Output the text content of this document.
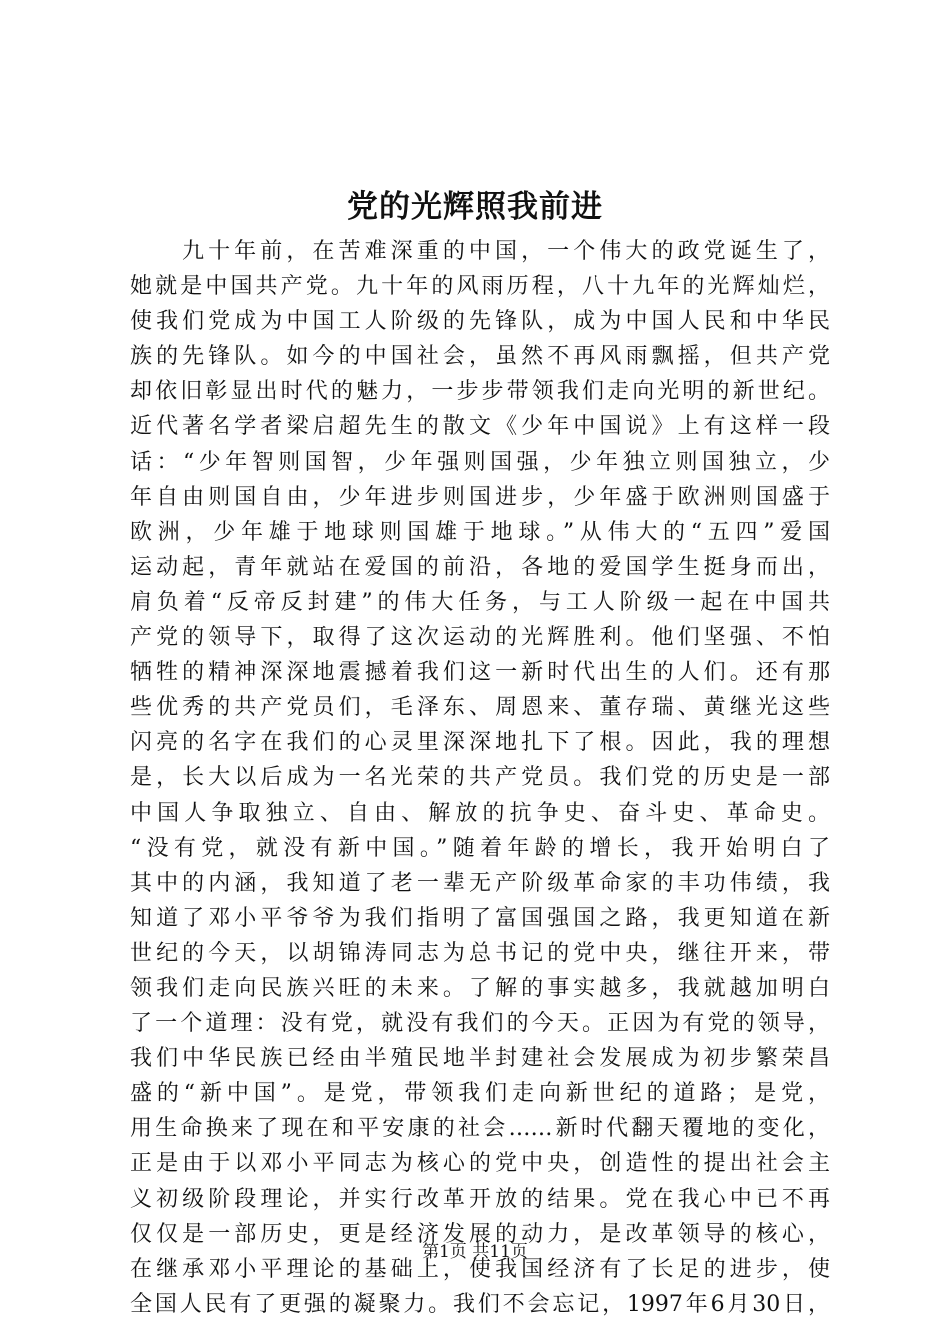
党的光辉照我前进
九十年前，在苦难深重的中国，一个伟大的政党诞生了，
她就是中国共产党。九十年的风雨历程，八十九年的光辉灿烂，
使我们党成为中国工人阶级的先锋队，成为中国人民和中华民
族的先锋队。如今的中国社会，虽然不再风雨飘摇，但共产党
却依旧彰显出时代的魅力，一步步带领我们走向光明的新世纪。
近代著名学者梁启超先生的散文《少年中国说》上有这样一段
话：“少年智则国智，少年强则国强，少年独立则国独立，少
年自由则国自由，少年进步则国进步，少年盛于欧洲则国盛于
欧洲，少年雄于地球则国雄于地球。”从伟大的“五四”爱国
运动起，青年就站在爱国的前沿，各地的爱国学生挺身而出，
肩负着“反帝反封建”的伟大任务，与工人阶级一起在中国共
产党的领导下，取得了这次运动的光辉胜利。他们坚强、不怕
牺牲的精神深深地震撼着我们这一新时代出生的人们。还有那
些优秀的共产党员们，毛泽东、周恩来、董存瑞、黄继光这些
闪亮的名字在我们的心灵里深深地扎下了根。因此，我的理想
是，长大以后成为一名光荣的共产党员。我们党的历史是一部
中国人争取独立、自由、解放的抗争史、奋斗史、革命史。
“没有党，就没有新中国。”随着年龄的增长，我开始明白了
其中的内涵，我知道了老一辈无产阶级革命家的丰功伟绩，我
知道了邓小平爷爷为我们指明了富国强国之路，我更知道在新
世纪的今天，以胡锦涛同志为总书记的党中央，继往开来，带
领我们走向民族兴旺的未来。了解的事实越多，我就越加明白
了一个道理：没有党，就没有我们的今天。正因为有党的领导，
我们中华民族已经由半殖民地半封建社会发展成为初步繁荣昌
盛的“新中国”。是党，带领我们走向新世纪的道路；是党，
用生命换来了现在和平安康的社会……新时代翻天覆地的变化，
正是由于以邓小平同志为核心的党中央，创造性的提出社会主
义初级阶段理论，并实行改革开放的结果。党在我心中已不再
仅仅是一部历史，更是经济发展的动力，是改革领导的核心，
在继承邓小平理论的基础上，使我国经济有了长足的进步，使
全国人民有了更强的凝聚力。我们不会忘记，1997年6月30日，
第1页 共11页
